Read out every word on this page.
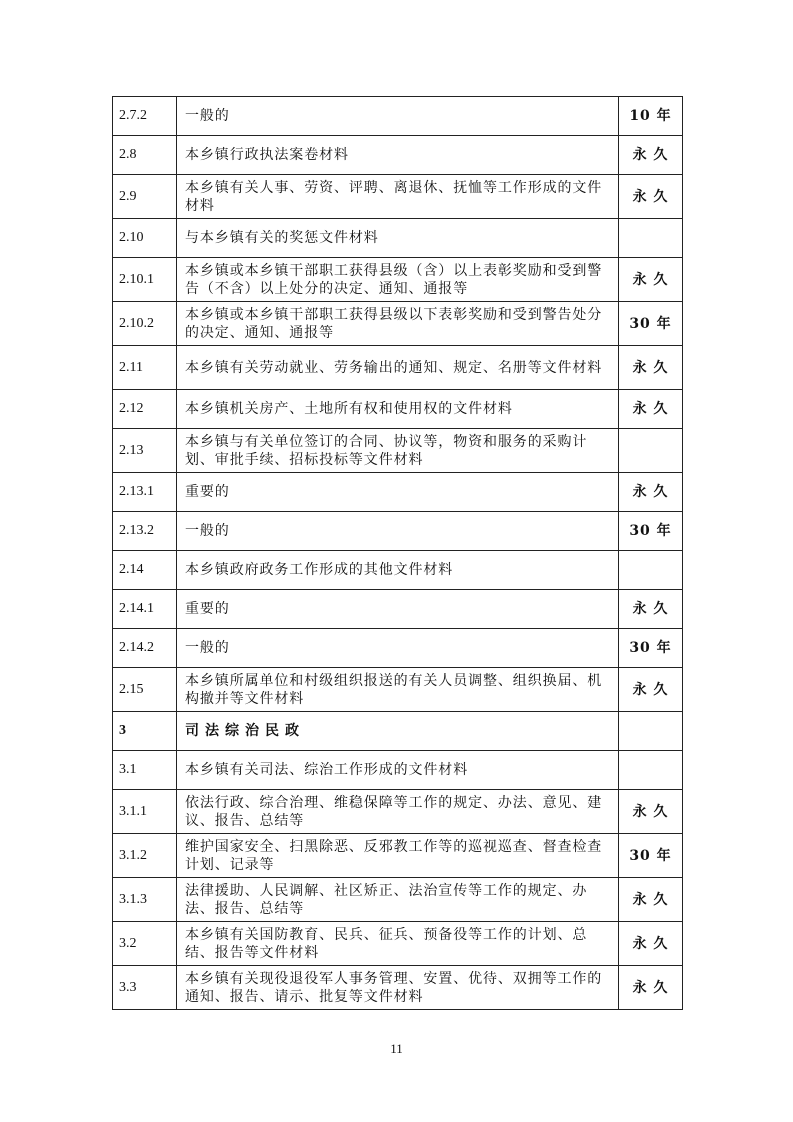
2.7.2	一般的	10 年
2.8	本乡镇行政执法案卷材料	永 久
2.9	本乡镇有关人事、劳资、评聘、离退休、抚恤等工作形成的文件材料	永 久
2.10	与本乡镇有关的奖惩文件材料	
2.10.1	本乡镇或本乡镇干部职工获得县级（含）以上表彰奖励和受到警告（不含）以上处分的决定、通知、通报等	永 久
2.10.2	本乡镇或本乡镇干部职工获得县级以下表彰奖励和受到警告处分的决定、通知、通报等	30 年
2.11	本乡镇有关劳动就业、劳务输出的通知、规定、名册等文件材料	永 久
2.12	本乡镇机关房产、土地所有权和使用权的文件材料	永 久
2.13	本乡镇与有关单位签订的合同、协议等，物资和服务的采购计划、审批手续、招标投标等文件材料	
2.13.1	重要的	永 久
2.13.2	一般的	30 年
2.14	本乡镇政府政务工作形成的其他文件材料	
2.14.1	重要的	永 久
2.14.2	一般的	30 年
2.15	本乡镇所属单位和村级组织报送的有关人员调整、组织换届、机构撤并等文件材料	永 久
3	司法综治民政	
3.1	本乡镇有关司法、综治工作形成的文件材料	
3.1.1	依法行政、综合治理、维稳保障等工作的规定、办法、意见、建议、报告、总结等	永 久
3.1.2	维护国家安全、扫黑除恶、反邪教工作等的巡视巡查、督查检查计划、记录等	30 年
3.1.3	法律援助、人民调解、社区矫正、法治宣传等工作的规定、办法、报告、总结等	永 久
3.2	本乡镇有关国防教育、民兵、征兵、预备役等工作的计划、总结、报告等文件材料	永 久
3.3	本乡镇有关现役退役军人事务管理、安置、优待、双拥等工作的通知、报告、请示、批复等文件材料	永 久
11
